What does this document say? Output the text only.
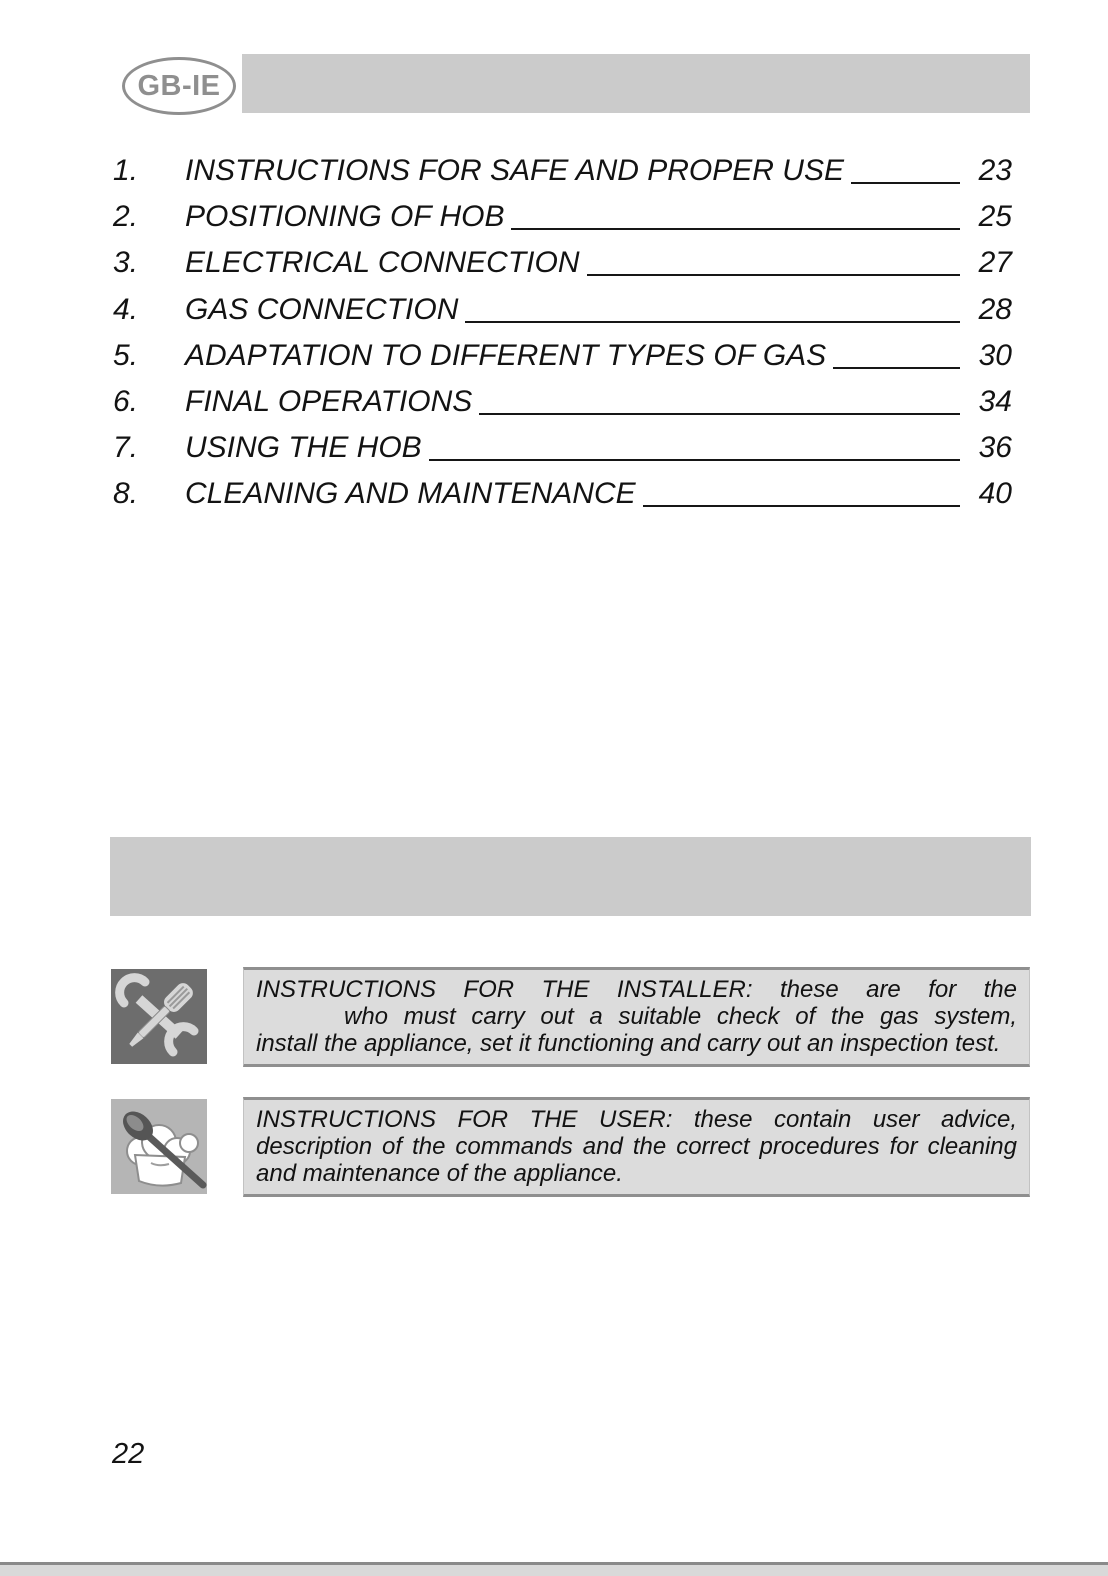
GB-IE
1.	INSTRUCTIONS FOR SAFE AND PROPER USE	23
2.	POSITIONING OF HOB	25
3.	ELECTRICAL CONNECTION	27
4.	GAS CONNECTION	28
5.	ADAPTATION TO DIFFERENT TYPES OF GAS	30
6.	FINAL OPERATIONS	34
7.	USING THE HOB	36
8.	CLEANING AND MAINTENANCE	40
INSTRUCTIONS FOR THE INSTALLER: these are for the
who must carry out a suitable check of the gas system,
install the appliance, set it functioning and carry out an inspection test.
INSTRUCTIONS FOR THE USER: these contain user advice,
description of the commands and the correct procedures for cleaning
and maintenance of the appliance.
22
